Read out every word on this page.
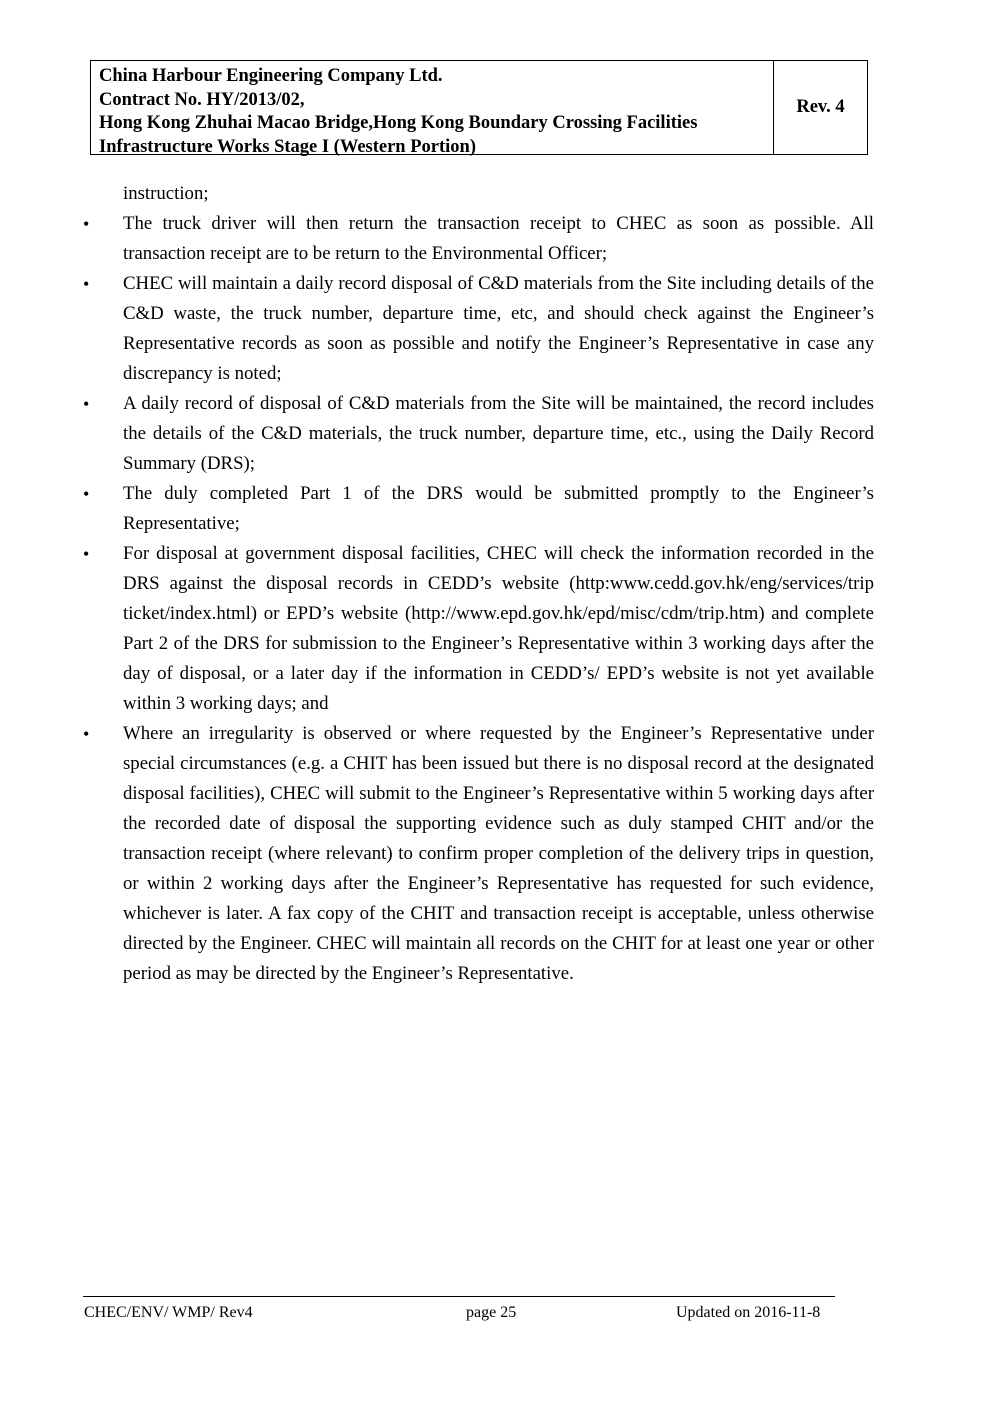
China Harbour Engineering Company Ltd.
Contract No. HY/2013/02,
Hong Kong Zhuhai Macao Bridge,Hong Kong Boundary Crossing Facilities
Infrastructure Works Stage I (Western Portion)
Rev. 4

instruction;

• The truck driver will then return the transaction receipt to CHEC as soon as possible. All transaction receipt are to be return to the Environmental Officer;

• CHEC will maintain a daily record disposal of C&D materials from the Site including details of the C&D waste, the truck number, departure time, etc, and should check against the Engineer’s Representative records as soon as possible and notify the Engineer’s Representative in case any discrepancy is noted;

• A daily record of disposal of C&D materials from the Site will be maintained, the record includes the details of the C&D materials, the truck number, departure time, etc., using the Daily Record Summary (DRS);

• The duly completed Part 1 of the DRS would be submitted promptly to the Engineer’s Representative;

• For disposal at government disposal facilities, CHEC will check the information recorded in the DRS against the disposal records in CEDD’s website (http:www.cedd.gov.hk/eng/services/trip ticket/index.html) or EPD’s website (http://www.epd.gov.hk/epd/misc/cdm/trip.htm) and complete Part 2 of the DRS for submission to the Engineer’s Representative within 3 working days after the day of disposal, or a later day if the information in CEDD’s/ EPD’s website is not yet available within 3 working days; and

• Where an irregularity is observed or where requested by the Engineer’s Representative under special circumstances (e.g. a CHIT has been issued but there is no disposal record at the designated disposal facilities), CHEC will submit to the Engineer’s Representative within 5 working days after the recorded date of disposal the supporting evidence such as duly stamped CHIT and/or the transaction receipt (where relevant) to confirm proper completion of the delivery trips in question, or within 2 working days after the Engineer’s Representative has requested for such evidence, whichever is later. A fax copy of the CHIT and transaction receipt is acceptable, unless otherwise directed by the Engineer. CHEC will maintain all records on the CHIT for at least one year or other period as may be directed by the Engineer’s Representative.

CHEC/ENV/ WMP/ Rev4	page 25	Updated on 2016-11-8
